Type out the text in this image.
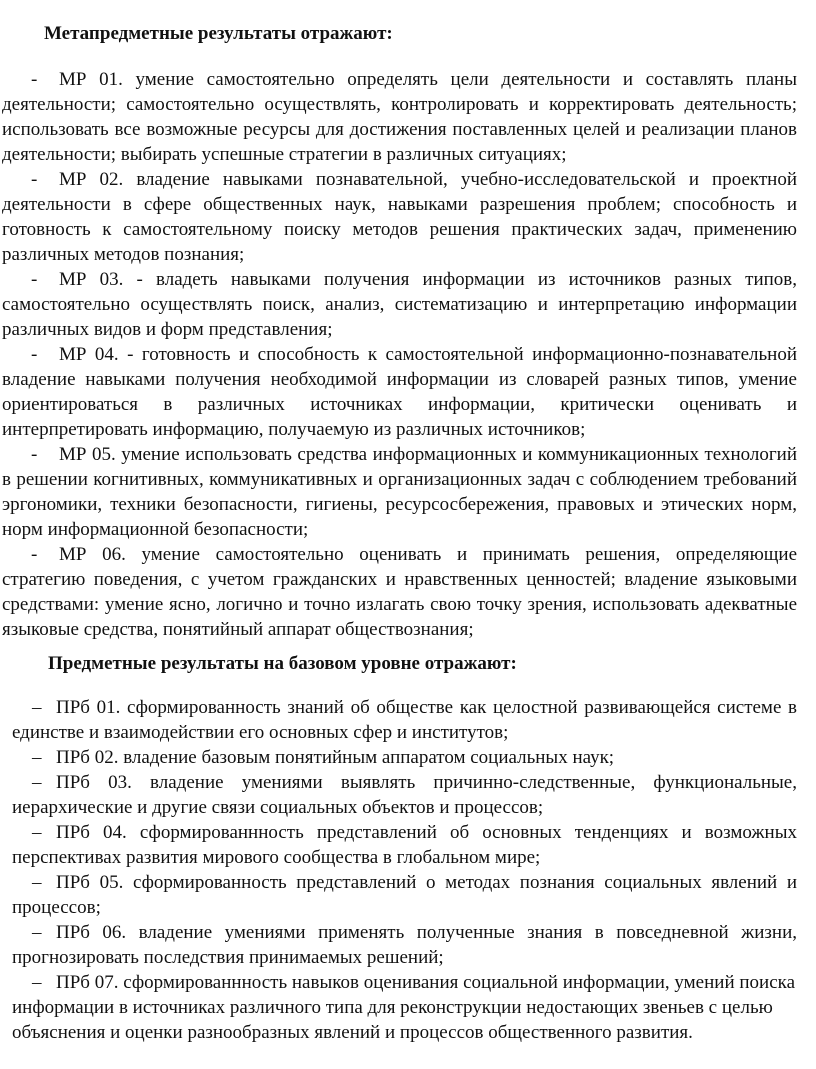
Метапредметные результаты отражают:

- МР 01. умение самостоятельно определять цели деятельности и составлять планы деятельности; самостоятельно осуществлять, контролировать и корректировать деятельность; использовать все возможные ресурсы для достижения поставленных целей и реализации планов деятельности; выбирать успешные стратегии в различных ситуациях;

- МР 02. владение навыками познавательной, учебно-исследовательской и проектной деятельности в сфере общественных наук, навыками разрешения проблем; способность и готовность к самостоятельному поиску методов решения практических задач, применению различных методов познания;

- МР 03. - владеть навыками получения информации из источников разных типов, самостоятельно осуществлять поиск, анализ, систематизацию и интерпретацию информации различных видов и форм представления;

- МР 04. - готовность и способность к самостоятельной информационно-познавательной владение навыками получения необходимой информации из словарей разных типов, умение ориентироваться в различных источниках информации, критически оценивать и интерпретировать информацию, получаемую из различных источников;

- МР 05. умение использовать средства информационных и коммуникационных технологий в решении когнитивных, коммуникативных и организационных задач с соблюдением требований эргономики, техники безопасности, гигиены, ресурсосбережения, правовых и этических норм, норм информационной безопасности;

- МР 06. умение самостоятельно оценивать и принимать решения, определяющие стратегию поведения, с учетом гражданских и нравственных ценностей; владение языковыми средствами: умение ясно, логично и точно излагать свою точку зрения, использовать адекватные языковые средства, понятийный аппарат обществознания;

Предметные результаты на базовом уровне отражают:

– ПРб 01. сформированность знаний об обществе как целостной развивающейся системе в единстве и взаимодействии его основных сфер и институтов;

– ПРб 02. владение базовым понятийным аппаратом социальных наук;

– ПРб 03. владение умениями выявлять причинно-следственные, функциональные, иерархические и другие связи социальных объектов и процессов;

– ПРб 04. сформированнность представлений об основных тенденциях и возможных перспективах развития мирового сообщества в глобальном мире;

– ПРб 05. сформированность представлений о методах познания социальных явлений и процессов;

– ПРб 06. владение умениями применять полученные знания в повседневной жизни, прогнозировать последствия принимаемых решений;

– ПРб 07. сформированнность навыков оценивания социальной информации, умений поиска информации в источниках различного типа для реконструкции недостающих звеньев с целью объяснения и оценки разнообразных явлений и процессов общественного развития.
